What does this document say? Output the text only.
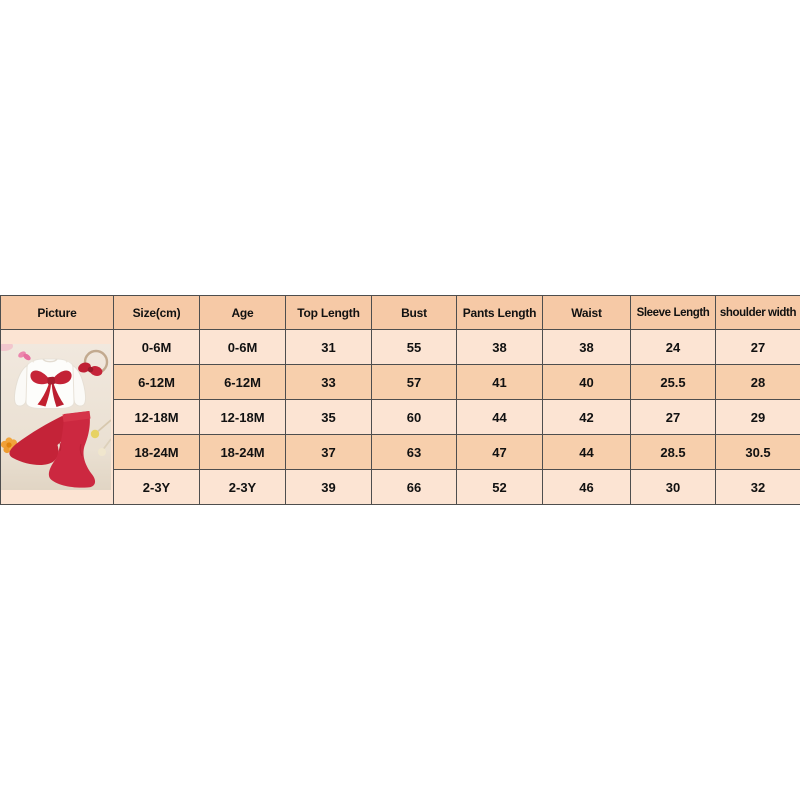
Picture	Size(cm)	Age	Top Length	Bust	Pants Length	Waist	Sleeve Length	shoulder width

	0-6M	0-6M	31	55	38	38	24	27
	6-12M	6-12M	33	57	41	40	25.5	28
	12-18M	12-18M	35	60	44	42	27	29
	18-24M	18-24M	37	63	47	44	28.5	30.5
	2-3Y	2-3Y	39	66	52	46	30	32
